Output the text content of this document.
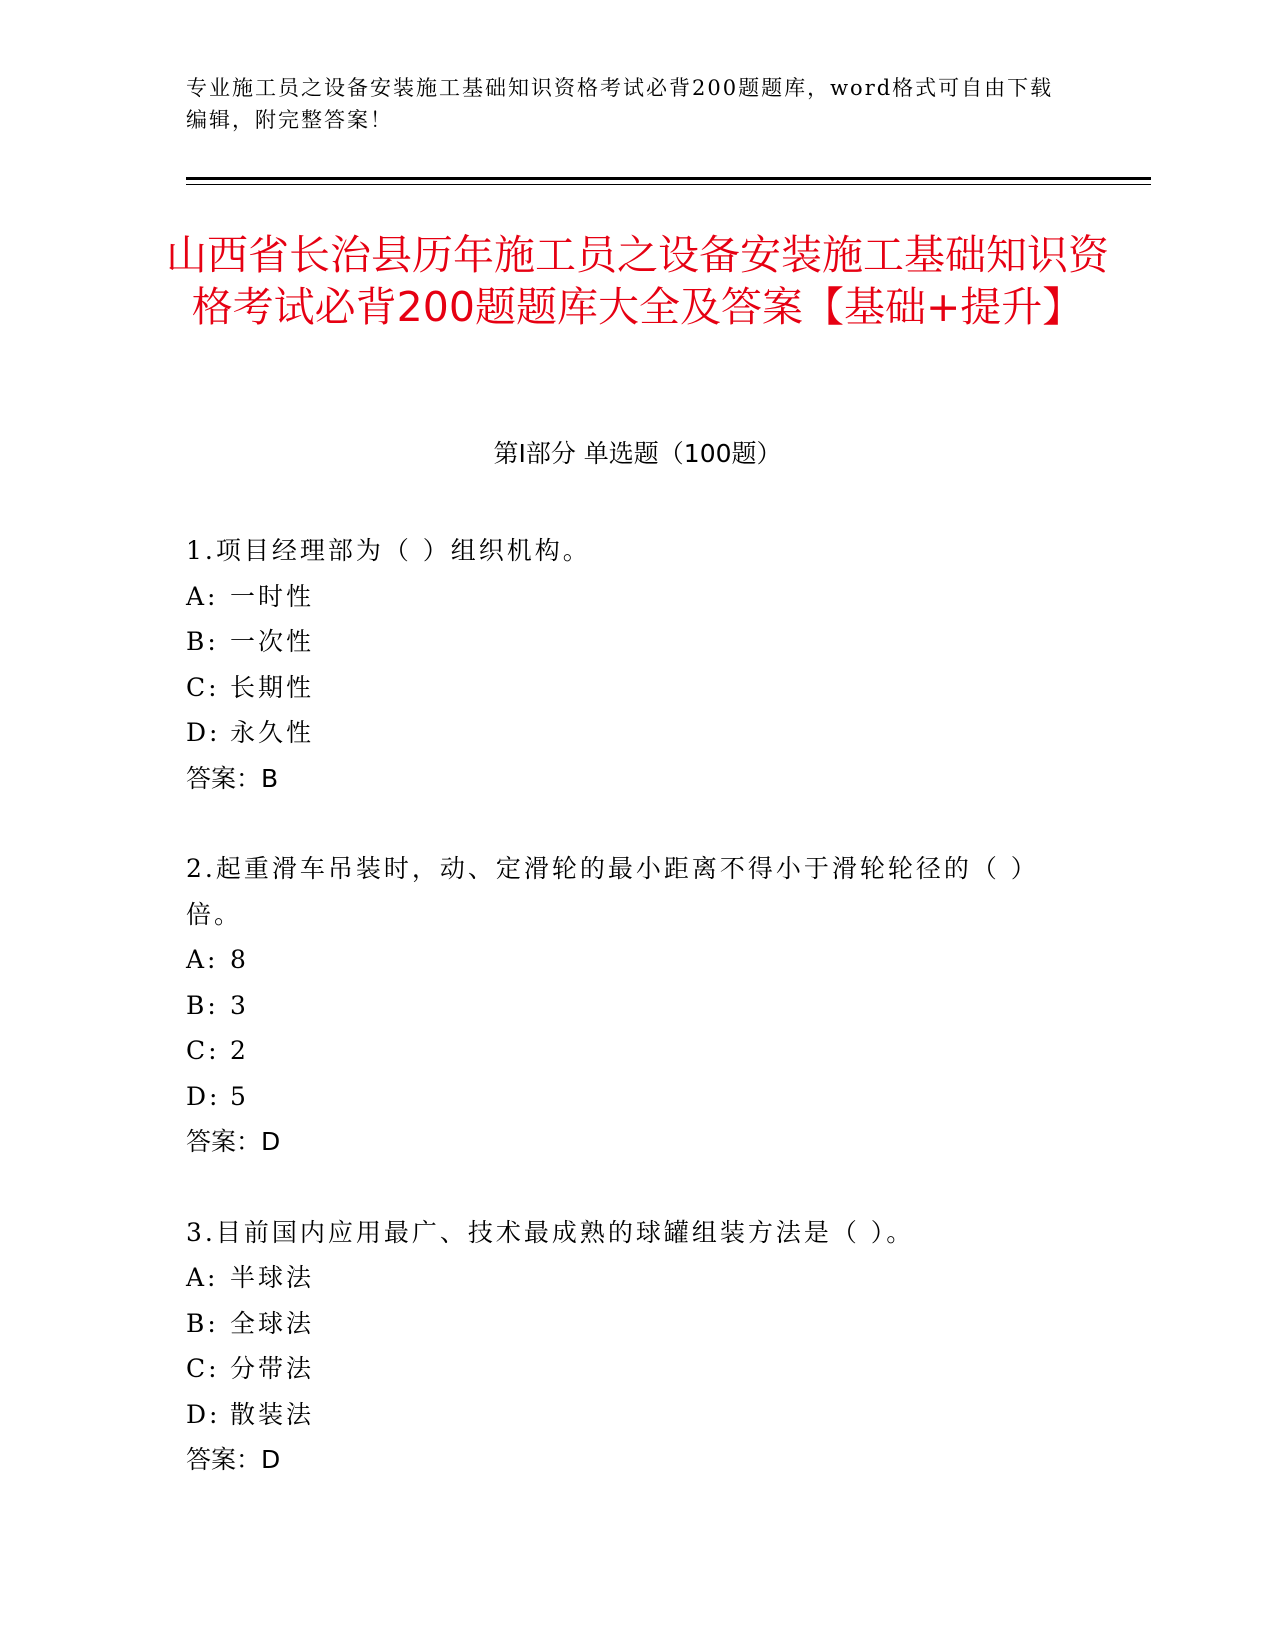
专业施工员之设备安装施工基础知识资格考试必背200题题库，word格式可自由下载编辑，附完整答案！
山西省长治县历年施工员之设备安装施工基础知识资格考试必背200题题库大全及答案【基础+提升】
第I部分 单选题（100题）
1.项目经理部为（ ）组织机构。
A: 一时性
B: 一次性
C: 长期性
D: 永久性
答案：B
2.起重滑车吊装时，动、定滑轮的最小距离不得小于滑轮轮径的（ ）倍。
A: 8
B: 3
C: 2
D: 5
答案：D
3.目前国内应用最广、技术最成熟的球罐组装方法是（ ）。
A: 半球法
B: 全球法
C: 分带法
D: 散装法
答案：D
